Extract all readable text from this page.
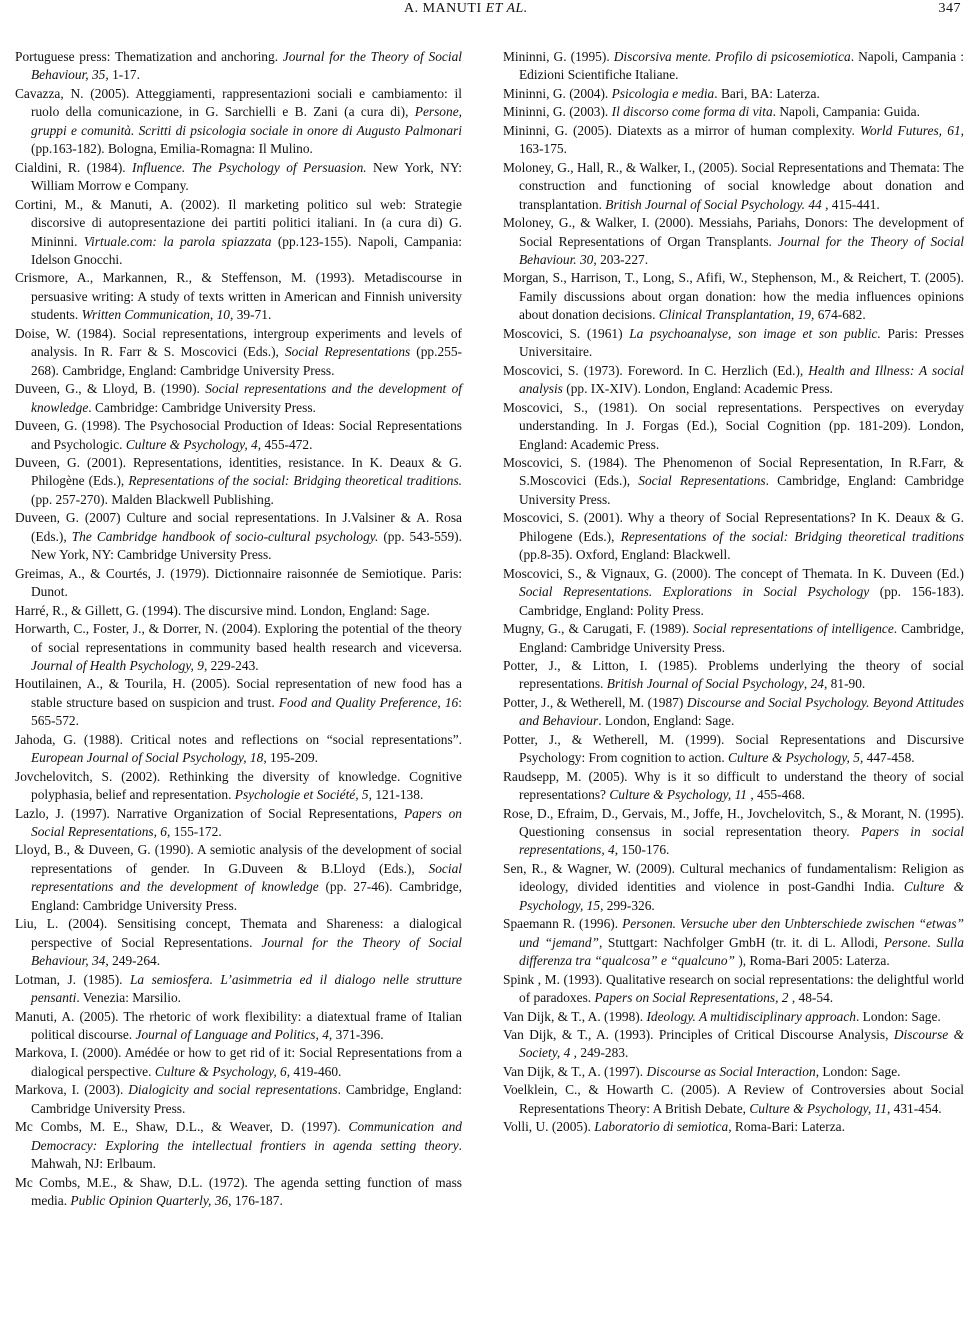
A. MANUTI ET AL.	347

Portuguese press: Thematization and anchoring. Journal for the Theory of Social Behaviour, 35, 1-17.

Cavazza, N. (2005). Atteggiamenti, rappresentazioni sociali e cambiamento: il ruolo della comunicazione, in G. Sarchielli e B. Zani (a cura di), Persone, gruppi e comunità. Scritti di psicologia sociale in onore di Augusto Palmonari (pp.163-182). Bologna, Emilia-Romagna: Il Mulino.

Cialdini, R. (1984). Influence. The Psychology of Persuasion. New York, NY: William Morrow e Company.

Cortini, M., & Manuti, A. (2002). Il marketing politico sul web: Strategie discorsive di autopresentazione dei partiti politici italiani. In (a cura di) G. Mininni. Virtuale.com: la parola spiazzata (pp.123-155). Napoli, Campania: Idelson Gnocchi.

Crismore, A., Markannen, R., & Steffenson, M. (1993). Metadiscourse in persuasive writing: A study of texts written in American and Finnish university students. Written Communication, 10, 39-71.

Doise, W. (1984). Social representations, intergroup experiments and levels of analysis. In R. Farr & S. Moscovici (Eds.), Social Representations (pp.255-268). Cambridge, England: Cambridge University Press.

Duveen, G., & Lloyd, B. (1990). Social representations and the development of knowledge. Cambridge: Cambridge University Press.

Duveen, G. (1998). The Psychosocial Production of Ideas: Social Representations and Psychologic. Culture & Psychology, 4, 455-472.

Duveen, G. (2001). Representations, identities, resistance. In K. Deaux & G. Philogène (Eds.), Representations of the social: Bridging theoretical traditions. (pp. 257-270). Malden Blackwell Publishing.

Duveen, G. (2007) Culture and social representations. In J.Valsiner & A. Rosa (Eds.), The Cambridge handbook of socio-cultural psychology. (pp. 543-559). New York, NY: Cambridge University Press.

Greimas, A., & Courtés, J. (1979). Dictionnaire raisonnée de Semiotique. Paris: Dunot.

Harré, R., & Gillett, G. (1994). The discursive mind. London, England: Sage.

Horwarth, C., Foster, J., & Dorrer, N. (2004). Exploring the potential of the theory of social representations in community based health research and viceversa. Journal of Health Psychology, 9, 229-243.

Houtilainen, A., & Tourila, H. (2005). Social representation of new food has a stable structure based on suspicion and trust. Food and Quality Preference, 16: 565-572.

Jahoda, G. (1988). Critical notes and reflections on “social representations”. European Journal of Social Psychology, 18, 195-209.

Jovchelovitch, S. (2002). Rethinking the diversity of knowledge. Cognitive polyphasia, belief and representation. Psychologie et Société, 5, 121-138.

Lazlo, J. (1997). Narrative Organization of Social Representations, Papers on Social Representations, 6, 155-172.

Lloyd, B., & Duveen, G. (1990). A semiotic analysis of the development of social representations of gender. In G.Duveen & B.Lloyd (Eds.), Social representations and the development of knowledge (pp. 27-46). Cambridge, England: Cambridge University Press.

Liu, L. (2004). Sensitising concept, Themata and Shareness: a dialogical perspective of Social Representations. Journal for the Theory of Social Behaviour, 34, 249-264.

Lotman, J. (1985). La semiosfera. L’asimmetria ed il dialogo nelle strutture pensanti. Venezia: Marsilio.

Manuti, A. (2005). The rhetoric of work flexibility: a diatextual frame of Italian political discourse. Journal of Language and Politics, 4, 371-396.

Markova, I. (2000). Amédée or how to get rid of it: Social Representations from a dialogical perspective. Culture & Psychology, 6, 419-460.

Markova, I. (2003). Dialogicity and social representations. Cambridge, England: Cambridge University Press.

Mc Combs, M. E., Shaw, D.L., & Weaver, D. (1997). Communication and Democracy: Exploring the intellectual frontiers in agenda setting theory. Mahwah, NJ: Erlbaum.

Mc Combs, M.E., & Shaw, D.L. (1972). The agenda setting function of mass media. Public Opinion Quarterly, 36, 176-187.

Mininni, G. (1995). Discorsiva mente. Profilo di psicosemiotica. Napoli, Campania : Edizioni Scientifiche Italiane.

Mininni, G. (2004). Psicologia e media. Bari, BA: Laterza.

Mininni, G. (2003). Il discorso come forma di vita. Napoli, Campania: Guida.

Mininni, G. (2005). Diatexts as a mirror of human complexity. World Futures, 61, 163-175.

Moloney, G., Hall, R., & Walker, I., (2005). Social Representations and Themata: The construction and functioning of social knowledge about donation and transplantation. British Journal of Social Psychology. 44 , 415-441.

Moloney, G., & Walker, I. (2000). Messiahs, Pariahs, Donors: The development of Social Representations of Organ Transplants. Journal for the Theory of Social Behaviour. 30, 203-227.

Morgan, S., Harrison, T., Long, S., Afifi, W., Stephenson, M., & Reichert, T. (2005). Family discussions about organ donation: how the media influences opinions about donation decisions. Clinical Transplantation, 19, 674-682.

Moscovici, S. (1961) La psychoanalyse, son image et son public. Paris: Presses Universitaire.

Moscovici, S. (1973). Foreword. In C. Herzlich (Ed.), Health and Illness: A social analysis (pp. IX-XIV). London, England: Academic Press.

Moscovici, S., (1981). On social representations. Perspectives on everyday understanding. In J. Forgas (Ed.), Social Cognition (pp. 181-209). London, England: Academic Press.

Moscovici, S. (1984). The Phenomenon of Social Representation, In R.Farr, & S.Moscovici (Eds.), Social Representations. Cambridge, England: Cambridge University Press.

Moscovici, S. (2001). Why a theory of Social Representations? In K. Deaux & G. Philogene (Eds.), Representations of the social: Bridging theoretical traditions (pp.8-35). Oxford, England: Blackwell.

Moscovici, S., & Vignaux, G. (2000). The concept of Themata. In K. Duveen (Ed.) Social Representations. Explorations in Social Psychology (pp. 156-183). Cambridge, England: Polity Press.

Mugny, G., & Carugati, F. (1989). Social representations of intelligence. Cambridge, England: Cambridge University Press.

Potter, J., & Litton, I. (1985). Problems underlying the theory of social representations. British Journal of Social Psychology, 24, 81-90.

Potter, J., & Wetherell, M. (1987) Discourse and Social Psychology. Beyond Attitudes and Behaviour. London, England: Sage.

Potter, J., & Wetherell, M. (1999). Social Representations and Discursive Psychology: From cognition to action. Culture & Psychology, 5, 447-458.

Raudsepp, M. (2005). Why is it so difficult to understand the theory of social representations? Culture & Psychology, 11 , 455-468.

Rose, D., Efraim, D., Gervais, M., Joffe, H., Jovchelovitch, S., & Morant, N. (1995). Questioning consensus in social representation theory. Papers in social representations, 4, 150-176.

Sen, R., & Wagner, W. (2009). Cultural mechanics of fundamentalism: Religion as ideology, divided identities and violence in post-Gandhi India. Culture & Psychology, 15, 299-326.

Spaemann R. (1996). Personen. Versuche uber den Unbterschiede zwischen “etwas” und “jemand”, Stuttgart: Nachfolger GmbH (tr. it. di L. Allodi, Persone. Sulla differenza tra “qualcosa” e “qualcuno” ), Roma-Bari 2005: Laterza.

Spink , M. (1993). Qualitative research on social representations: the delightful world of paradoxes. Papers on Social Representations, 2 , 48-54.

Van Dijk, & T., A. (1998). Ideology. A multidisciplinary approach. London: Sage.

Van Dijk, & T., A. (1993). Principles of Critical Discourse Analysis, Discourse & Society, 4 , 249-283.

Van Dijk, & T., A. (1997). Discourse as Social Interaction, London: Sage.

Voelklein, C., & Howarth C. (2005). A Review of Controversies about Social Representations Theory: A British Debate, Culture & Psychology, 11, 431-454.

Volli, U. (2005). Laboratorio di semiotica, Roma-Bari: Laterza.
